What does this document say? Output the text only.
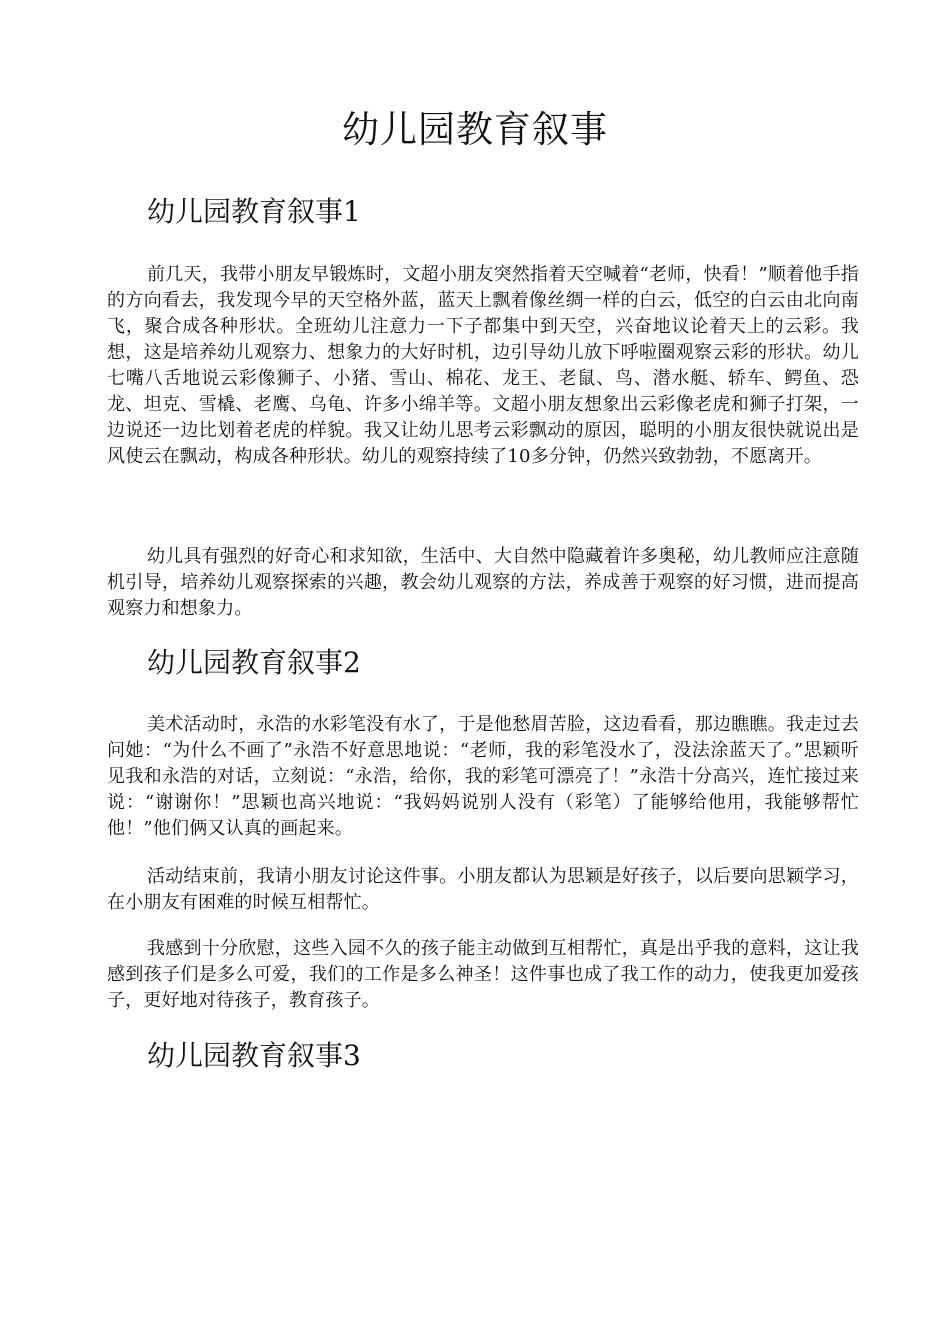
幼儿园教育叙事
幼儿园教育叙事1

前几天，我带小朋友早锻炼时，文超小朋友突然指着天空喊着“老师，快看！”顺着他手指的方向看去，我发现今早的天空格外蓝，蓝天上飘着像丝绸一样的白云，低空的白云由北向南飞，聚合成各种形状。全班幼儿注意力一下子都集中到天空，兴奋地议论着天上的云彩。我想，这是培养幼儿观察力、想象力的大好时机，边引导幼儿放下呼啦圈观察云彩的形状。幼儿七嘴八舌地说云彩像狮子、小猪、雪山、棉花、龙王、老鼠、鸟、潜水艇、轿车、鳄鱼、恐龙、坦克、雪橇、老鹰、乌龟、许多小绵羊等。文超小朋友想象出云彩像老虎和狮子打架，一边说还一边比划着老虎的样貌。我又让幼儿思考云彩飘动的原因，聪明的小朋友很快就说出是风使云在飘动，构成各种形状。幼儿的观察持续了10多分钟，仍然兴致勃勃，不愿离开。

幼儿具有强烈的好奇心和求知欲，生活中、大自然中隐藏着许多奥秘，幼儿教师应注意随机引导，培养幼儿观察探索的兴趣，教会幼儿观察的方法，养成善于观察的好习惯，进而提高观察力和想象力。

幼儿园教育叙事2

美术活动时，永浩的水彩笔没有水了，于是他愁眉苦脸，这边看看，那边瞧瞧。我走过去问她：“为什么不画了”永浩不好意思地说：“老师，我的彩笔没水了，没法涂蓝天了。”思颖听见我和永浩的对话，立刻说：“永浩，给你，我的彩笔可漂亮了！”永浩十分高兴，连忙接过来说：“谢谢你！”思颖也高兴地说：“我妈妈说别人没有（彩笔）了能够给他用，我能够帮忙他！”他们俩又认真的画起来。

活动结束前，我请小朋友讨论这件事。小朋友都认为思颖是好孩子，以后要向思颖学习，在小朋友有困难的时候互相帮忙。

我感到十分欣慰，这些入园不久的孩子能主动做到互相帮忙，真是出乎我的意料，这让我感到孩子们是多么可爱，我们的工作是多么神圣！这件事也成了我工作的动力，使我更加爱孩子，更好地对待孩子，教育孩子。

幼儿园教育叙事3
